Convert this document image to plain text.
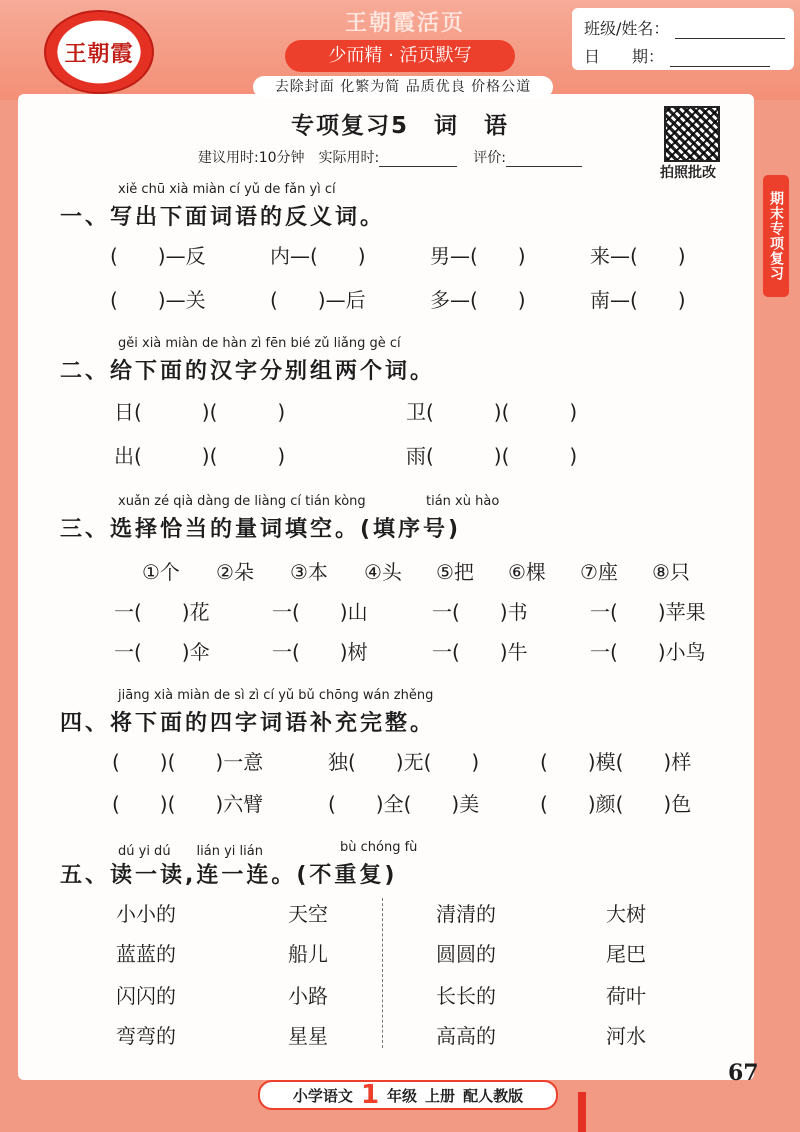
王朝霞
王朝霞活页
少而精 · 活页默写
班级/姓名：
日　　期：
去除封面 化繁为简 品质优良 价格公道
专项复习5　词　语
建议用时:10分钟 实际用时:	评价:
拍照批改
期末专项复习
xiě chū xià miàn cí yǔ de fǎn yì cí
一、写出下面词语的反义词。
(　　)—反	内—(　　)	男—(　　)	来—(　　)
(　　)—关	(　　)—后	多—(　　)	南—(　　)
gěi xià miàn de hàn zì fēn bié zǔ liǎng gè cí
二、给下面的汉字分别组两个词。
日(　　　)(　　　)	卫(　　　)(　　　)
出(　　　)(　　　)	雨(　　　)(　　　)
xuǎn zé qià dàng de liàng cí tián kòng	tián xù hào
三、选择恰当的量词填空。(填序号)
①个 ②朵 ③本 ④头 ⑤把 ⑥棵 ⑦座 ⑧只
一(　　)花	一(　　)山	一(　　)书	一(　　)苹果
一(　　)伞	一(　　)树	一(　　)牛	一(　　)小鸟
jiāng xià miàn de sì zì cí yǔ bǔ chōng wán zhěng
四、将下面的四字词语补充完整。
(　　)(　　)一意	独(　　)无(　　)	(　　)模(　　)样
(　　)(　　)六臂	(　　)全(　　)美	(　　)颜(　　)色
dú yi dú　　lián yi lián	bù chóng fù
五、读一读,连一连。(不重复)
小小的	天空	清清的	大树
蓝蓝的	船儿	圆圆的	尾巴
闪闪的	小路	长长的	荷叶
弯弯的	星星	高高的	河水
67
小学语文 1 年级 上册 配人教版
